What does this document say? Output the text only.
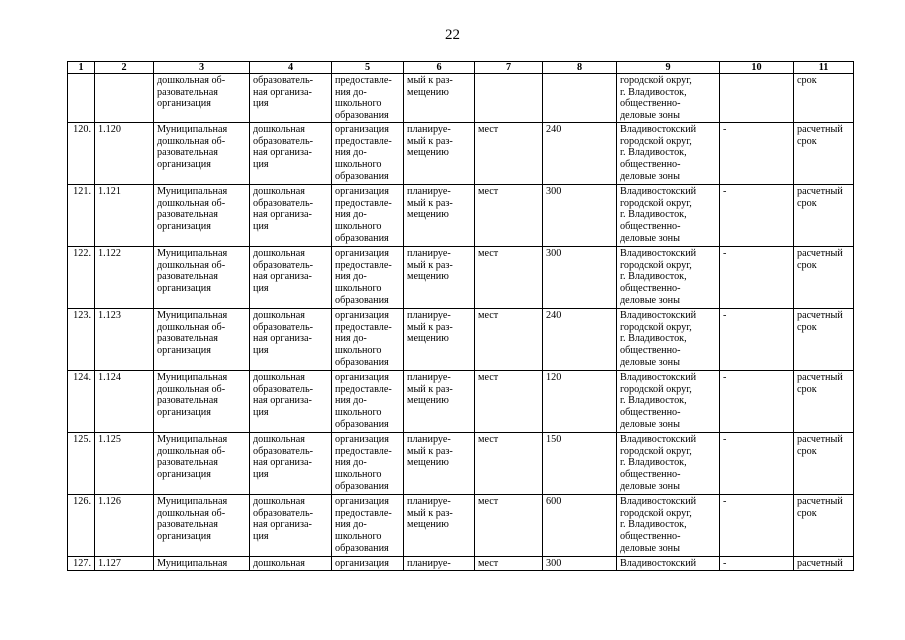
22
1	2	3	4	5	6	7	8	9	10	11
		дошкольная об-
разовательная
организация	образователь-
ная организа-
ция	предоставле-
ния до-
школьного
образования	мый к раз-
мещению			городской округ,
г. Владивосток,
общественно-
деловые зоны		срок
120.	1.120	Муниципальная
дошкольная об-
разовательная
организация	дошкольная
образователь-
ная организа-
ция	организация
предоставле-
ния до-
школьного
образования	планируе-
мый к раз-
мещению	мест	240	Владивостокский
городской округ,
г. Владивосток,
общественно-
деловые зоны	-	расчетный
срок
121.	1.121	Муниципальная
дошкольная об-
разовательная
организация	дошкольная
образователь-
ная организа-
ция	организация
предоставле-
ния до-
школьного
образования	планируе-
мый к раз-
мещению	мест	300	Владивостокский
городской округ,
г. Владивосток,
общественно-
деловые зоны	-	расчетный
срок
122.	1.122	Муниципальная
дошкольная об-
разовательная
организация	дошкольная
образователь-
ная организа-
ция	организация
предоставле-
ния до-
школьного
образования	планируе-
мый к раз-
мещению	мест	300	Владивостокский
городской округ,
г. Владивосток,
общественно-
деловые зоны	-	расчетный
срок
123.	1.123	Муниципальная
дошкольная об-
разовательная
организация	дошкольная
образователь-
ная организа-
ция	организация
предоставле-
ния до-
школьного
образования	планируе-
мый к раз-
мещению	мест	240	Владивостокский
городской округ,
г. Владивосток,
общественно-
деловые зоны	-	расчетный
срок
124.	1.124	Муниципальная
дошкольная об-
разовательная
организация	дошкольная
образователь-
ная организа-
ция	организация
предоставле-
ния до-
школьного
образования	планируе-
мый к раз-
мещению	мест	120	Владивостокский
городской округ,
г. Владивосток,
общественно-
деловые зоны	-	расчетный
срок
125.	1.125	Муниципальная
дошкольная об-
разовательная
организация	дошкольная
образователь-
ная организа-
ция	организация
предоставле-
ния до-
школьного
образования	планируе-
мый к раз-
мещению	мест	150	Владивостокский
городской округ,
г. Владивосток,
общественно-
деловые зоны	-	расчетный
срок
126.	1.126	Муниципальная
дошкольная об-
разовательная
организация	дошкольная
образователь-
ная организа-
ция	организация
предоставле-
ния до-
школьного
образования	планируе-
мый к раз-
мещению	мест	600	Владивостокский
городской округ,
г. Владивосток,
общественно-
деловые зоны	-	расчетный
срок
127.	1.127	Муниципальная	дошкольная	организация	планируе-	мест	300	Владивостокский	-	расчетный
